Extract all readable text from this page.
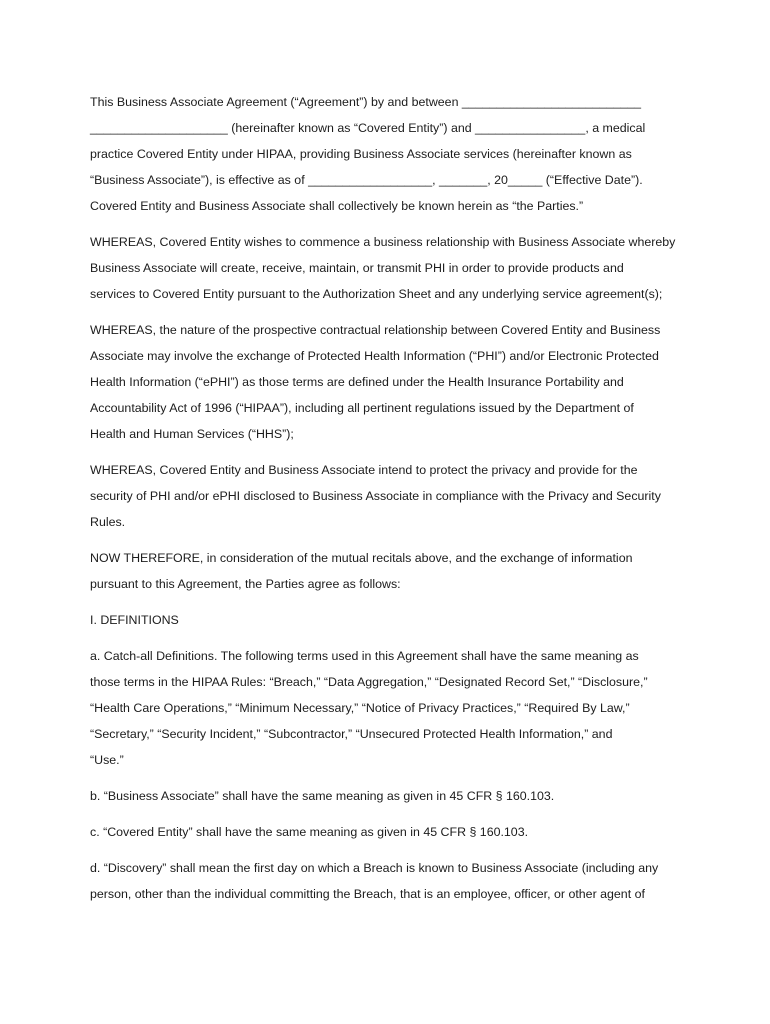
This Business Associate Agreement (“Agreement”) by and between __________________________
____________________ (hereinafter known as “Covered Entity”) and ________________, a medical
practice Covered Entity under HIPAA, providing Business Associate services (hereinafter known as
“Business Associate”), is effective as of __________________, _______, 20_____ (“Effective Date”).
Covered Entity and Business Associate shall collectively be known herein as “the Parties.”
WHEREAS, Covered Entity wishes to commence a business relationship with Business Associate whereby
Business Associate will create, receive, maintain, or transmit PHI in order to provide products and
services to Covered Entity pursuant to the Authorization Sheet and any underlying service agreement(s);
WHEREAS, the nature of the prospective contractual relationship between Covered Entity and Business
Associate may involve the exchange of Protected Health Information (“PHI”) and/or Electronic Protected
Health Information (“ePHI”) as those terms are defined under the Health Insurance Portability and
Accountability Act of 1996 (“HIPAA”), including all pertinent regulations issued by the Department of
Health and Human Services (“HHS”);
WHEREAS, Covered Entity and Business Associate intend to protect the privacy and provide for the
security of PHI and/or ePHI disclosed to Business Associate in compliance with the Privacy and Security
Rules.
NOW THEREFORE, in consideration of the mutual recitals above, and the exchange of information
pursuant to this Agreement, the Parties agree as follows:
I. DEFINITIONS
a. Catch-all Definitions. The following terms used in this Agreement shall have the same meaning as
those terms in the HIPAA Rules: “Breach,” “Data Aggregation,” “Designated Record Set,” “Disclosure,”
“Health Care Operations,” “Minimum Necessary,” “Notice of Privacy Practices,” “Required By Law,”
“Secretary,” “Security Incident,” “Subcontractor,” “Unsecured Protected Health Information,” and
“Use.”
b. “Business Associate” shall have the same meaning as given in 45 CFR § 160.103.
c. “Covered Entity” shall have the same meaning as given in 45 CFR § 160.103.
d. “Discovery” shall mean the first day on which a Breach is known to Business Associate (including any
person, other than the individual committing the Breach, that is an employee, officer, or other agent of
